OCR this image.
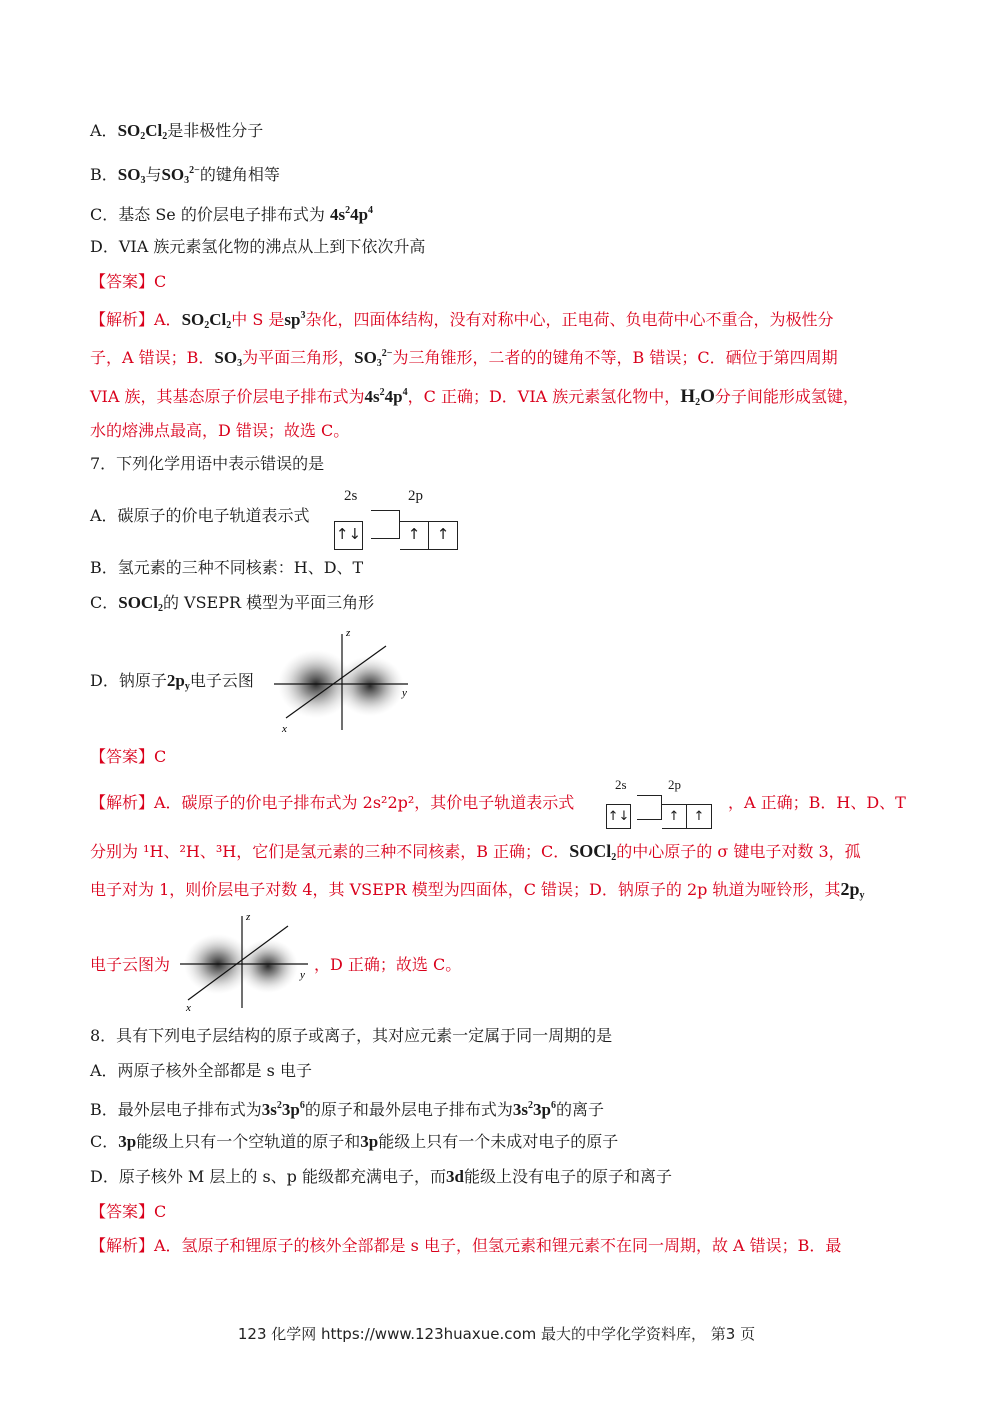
A．$SO_2Cl_2$是非极性分子
B．$SO_3$与$SO_3^{2-}$的键角相等
C．基态 Se 的价层电子排布式为 $4s^24p^4$
D．VIA 族元素氢化物的沸点从上到下依次升高
【答案】C
【解析】A．$SO_2Cl_2$中 S 是$sp^3$杂化，四面体结构，没有对称中心，正电荷、负电荷中心不重合，为极性分
子，A 错误；B．$SO_3$为平面三角形，$SO_3^{2-}$为三角锥形，二者的的键角不等，B 错误；C．硒位于第四周期
VIA 族，其基态原子价层电子排布式为$4s^24p^4$，C 正确；D．VIA 族元素氢化物中，$H_2O$分子间能形成氢键，
水的熔沸点最高，D 错误；故选 C。
7．下列化学用语中表示错误的是
A．碳原子的价电子轨道表示式
2s	2p
↑↓	↑ ↑
B．氢元素的三种不同核素：H、D、T
C．SOCl$_2$的 VSEPR 模型为平面三角形
D．钠原子$2p_y$电子云图
z
y
x
【答案】C
【解析】A．碳原子的价电子排布式为 2s²2p²，其价电子轨道表示式
2s	2p
↑↓	↑ ↑
，A 正确；B．H、D、T
分别为 ¹H、²H、³H，它们是氢元素的三种不同核素，B 正确；C．SOCl$_2$的中心原子的 σ 键电子对数 3，孤
电子对为 1，则价层电子对数 4，其 VSEPR 模型为四面体，C 错误；D．钠原子的 2p 轨道为哑铃形，其$2p_y$
电子云图为	，D 正确；故选 C。
z
y
x
8．具有下列电子层结构的原子或离子，其对应元素一定属于同一周期的是
A．两原子核外全部都是 s 电子
B．最外层电子排布式为$3s^23p^6$的原子和最外层电子排布式为$3s^23p^6$的离子
C．3p能级上只有一个空轨道的原子和3p能级上只有一个未成对电子的原子
D．原子核外 M 层上的 s、p 能级都充满电子，而3d能级上没有电子的原子和离子
【答案】C
【解析】A．氢原子和锂原子的核外全部都是 s 电子，但氢元素和锂元素不在同一周期，故 A 错误；B．最
123 化学网 https://www.123huaxue.com 最大的中学化学资料库， 第3 页
